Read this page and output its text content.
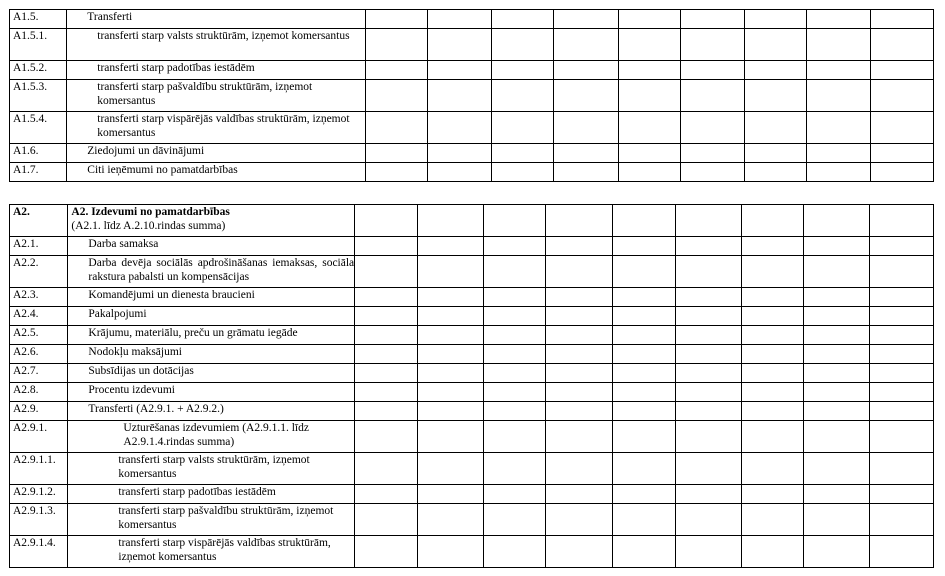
A1.5.	Transferti									
A1.5.1.	transferti starp valsts struktūrām, izņemot komersantus									
A1.5.2.	transferti starp padotības iestādēm									
A1.5.3.	transferti starp pašvaldību struktūrām, izņemot komersantus									
A1.5.4.	transferti starp vispārējās valdības struktūrām, izņemot komersantus									
A1.6.	Ziedojumi un dāvinājumi									
A1.7.	Citi ieņēmumi no pamatdarbības									
A2.	A2. Izdevumi no pamatdarbības
(A2.1. līdz A.2.10.rindas summa)									

A2.1.	Darba samaksa									
A2.2.	Darba devēja sociālās apdrošināšanas iemaksas, sociāla rakstura pabalsti un kompensācijas									
A2.3.	Komandējumi un dienesta braucieni									
A2.4.	Pakalpojumi									
A2.5.	Krājumu, materiālu, preču un grāmatu iegāde									
A2.6.	Nodokļu maksājumi									
A2.7.	Subsīdijas un dotācijas									
A2.8.	Procentu izdevumi									
A2.9.	Transferti (A2.9.1. + A2.9.2.)									
A2.9.1.	Uzturēšanas izdevumiem (A2.9.1.1. līdz A2.9.1.4.rindas summa)									
A2.9.1.1.	transferti starp valsts struktūrām, izņemot komersantus									
A2.9.1.2.	transferti starp padotības iestādēm									
A2.9.1.3.	transferti starp pašvaldību struktūrām, izņemot komersantus									
A2.9.1.4.	transferti starp vispārējās valdības struktūrām, izņemot komersantus									
